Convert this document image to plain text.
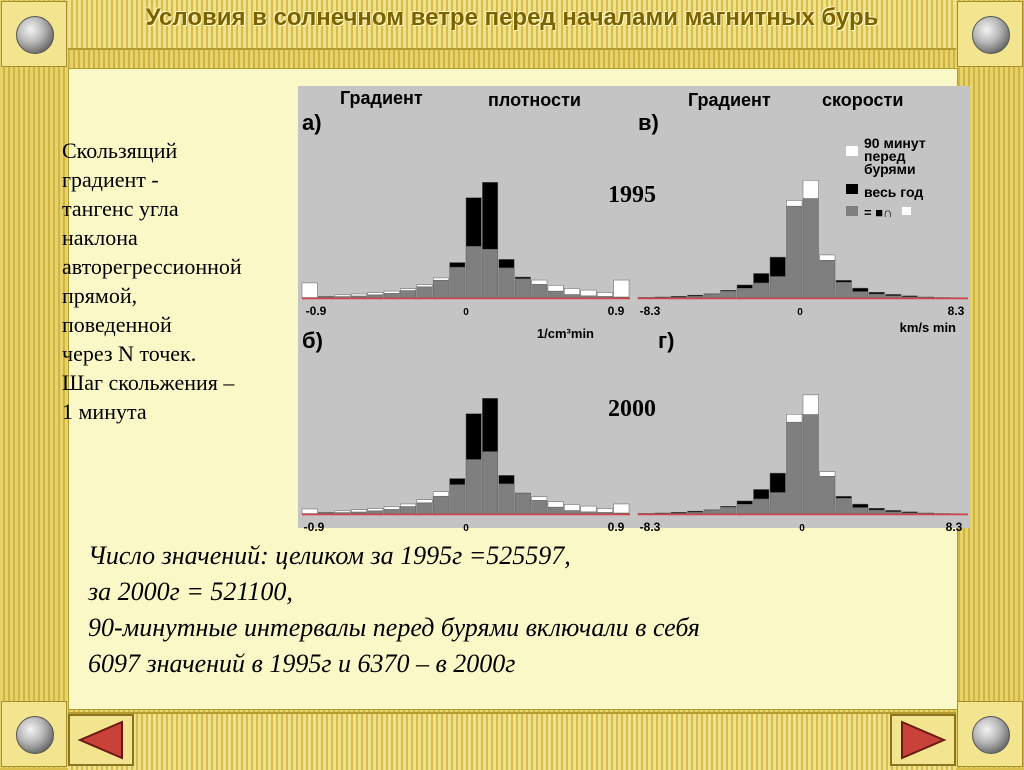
Условия в солнечном ветре перед началами магнитных бурь
Скользящий
градиент -
тангенс угла
наклона
авторегрессионной
прямой,
поведенной
через N точек.
Шаг скольжения –
1 минута
-0.9	0	0.9 -8.3	0	8.3
-0.9	0	0.9 -8.3	0	8.3
а)	в)
б)	г)
Градиент	плотности	Градиент	скорости
1995
2000
1/cm³min	km/s min
90 минут перед бурями
весь год
= ■∩
Число значений: целиком за 1995г =525597,
за 2000г = 521100,
90-минутные интервалы перед бурями включали в себя
6097 значений в 1995г и 6370 – в 2000г
